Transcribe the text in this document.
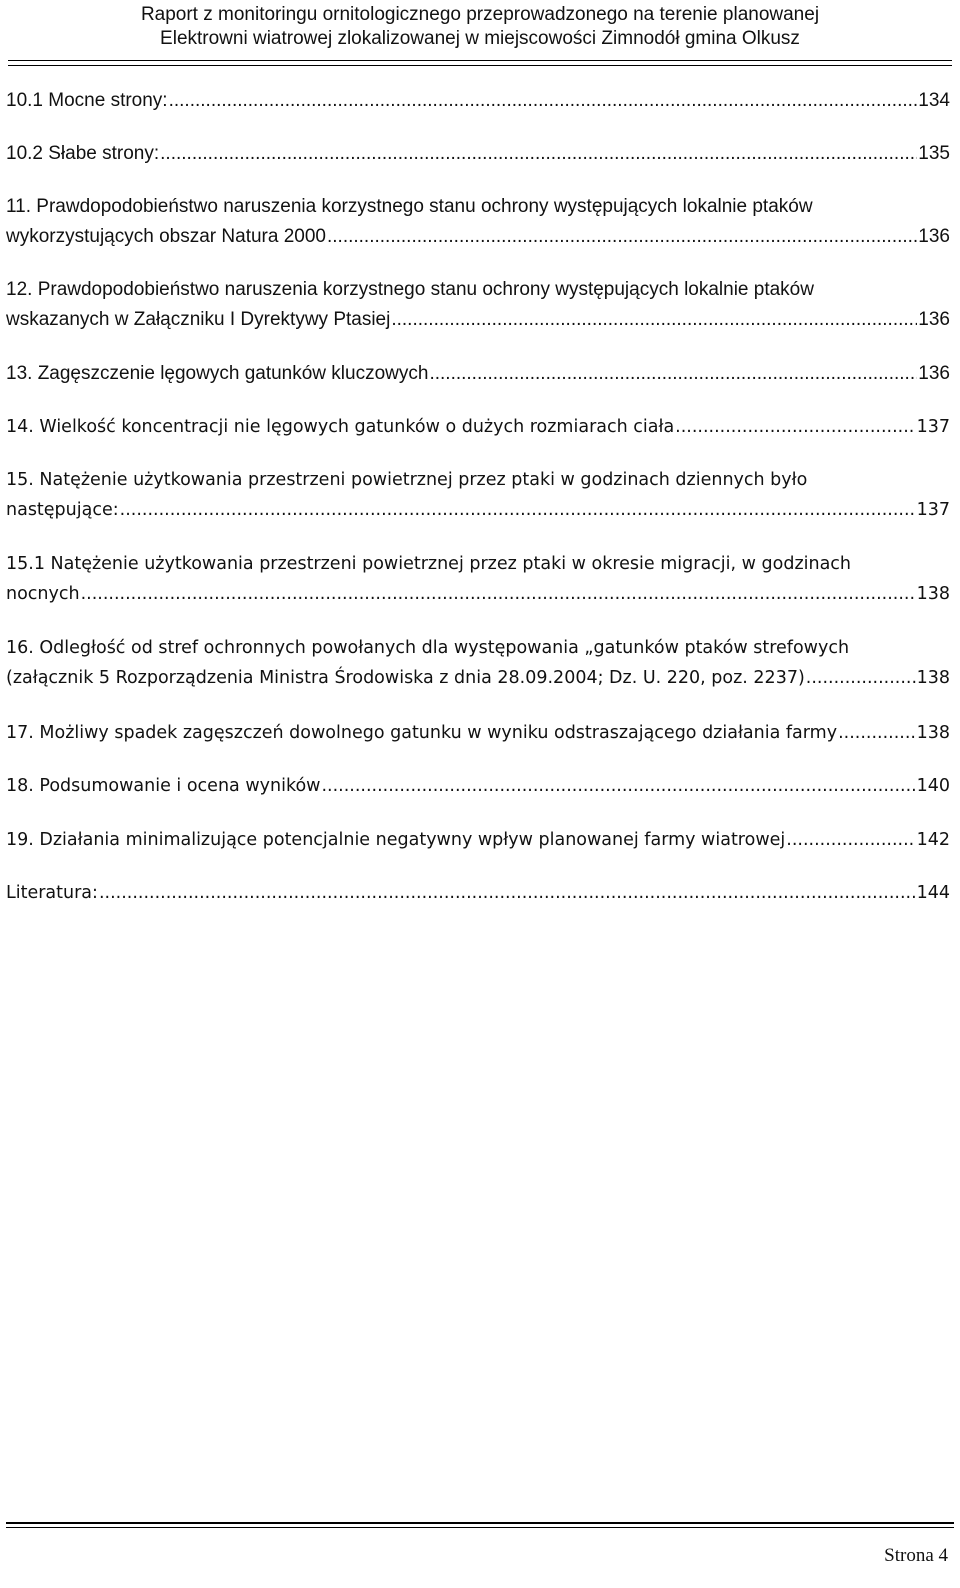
Raport z monitoringu ornitologicznego przeprowadzonego na terenie planowanej
Elektrowni wiatrowej zlokalizowanej w miejscowości Zimnodół gmina Olkusz
10.1 Mocne strony: .....	134
10.2 Słabe strony: .....	135
11. Prawdopodobieństwo naruszenia korzystnego stanu ochrony występujących lokalnie ptaków
wykorzystujących obszar Natura 2000 .....	136
12. Prawdopodobieństwo naruszenia korzystnego stanu ochrony występujących lokalnie ptaków
wskazanych w Załączniku I Dyrektywy Ptasiej .....	136
13. Zagęszczenie lęgowych gatunków kluczowych .....	136
14. Wielkość koncentracji nie lęgowych gatunków o dużych rozmiarach ciała .....	137
15. Natężenie użytkowania przestrzeni powietrznej przez ptaki w godzinach dziennych było
następujące: .....	137
15.1 Natężenie użytkowania przestrzeni powietrznej przez ptaki w okresie migracji, w godzinach
nocnych .....	138
16. Odległość od stref ochronnych powołanych dla występowania „gatunków ptaków strefowych
(załącznik 5 Rozporządzenia Ministra Środowiska z dnia 28.09.2004; Dz. U. 220, poz. 2237) .....	138
17. Możliwy spadek zagęszczeń dowolnego gatunku w wyniku odstraszającego działania farmy .....	138
18. Podsumowanie i ocena wyników .....	140
19. Działania minimalizujące potencjalnie negatywny wpływ planowanej farmy wiatrowej .....	142
Literatura: .....	144
Strona 4
